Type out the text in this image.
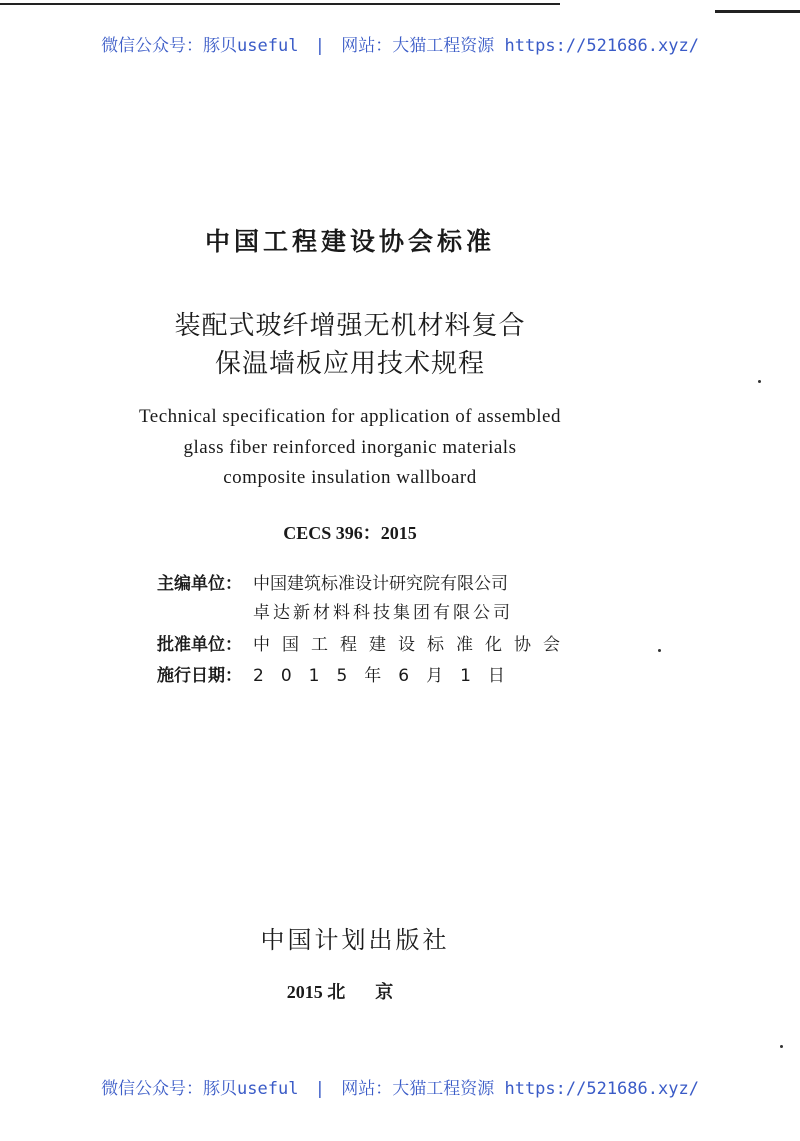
微信公众号：豚贝useful | 网站：大猫工程资源 https://521686.xyz/
中国工程建设协会标准
装配式玻纤增强无机材料复合
保温墙板应用技术规程
Technical specification for application of assembled
glass fiber reinforced inorganic materials
composite insulation wallboard
CECS 396：2015
主编单位： 中国建筑标准设计研究院有限公司
卓达新材料科技集团有限公司
批准单位： 中国工程建设标准化协会
施行日期： 2015年6月1日
中国计划出版社
2015 北京
微信公众号：豚贝useful | 网站：大猫工程资源 https://521686.xyz/
